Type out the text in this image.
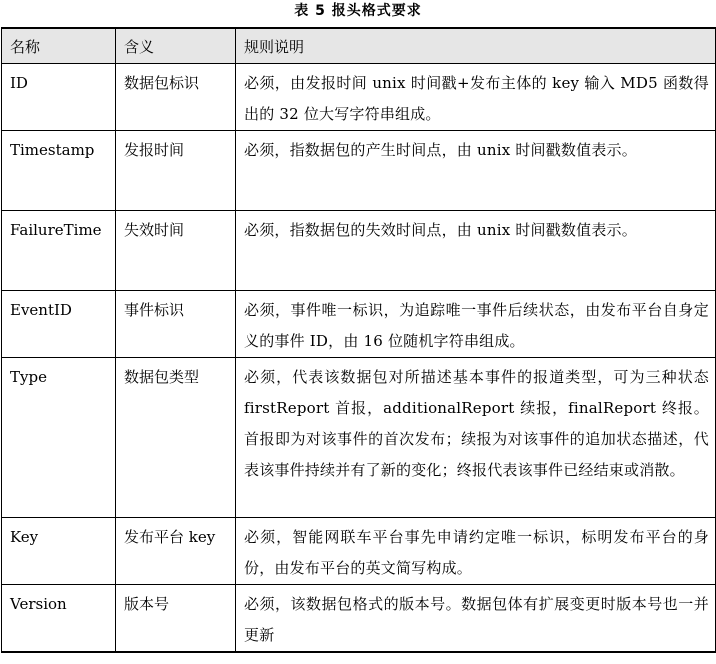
表 5 报头格式要求
名称	含义	规则说明
ID	数据包标识	必须，由发报时间 unix 时间戳+发布主体的 key 输入 MD5 函数得出的 32 位大写字符串组成。
Timestamp	发报时间	必须，指数据包的产生时间点，由 unix 时间戳数值表示。
FailureTime	失效时间	必须，指数据包的失效时间点，由 unix 时间戳数值表示。
EventID	事件标识	必须，事件唯一标识，为追踪唯一事件后续状态，由发布平台自身定义的事件 ID，由 16 位随机字符串组成。
Type	数据包类型	必须，代表该数据包对所描述基本事件的报道类型，可为三种状态 firstReport 首报，additionalReport 续报，finalReport 终报。首报即为对该事件的首次发布；续报为对该事件的追加状态描述，代表该事件持续并有了新的变化；终报代表该事件已经结束或消散。
Key	发布平台 key	必须，智能网联车平台事先申请约定唯一标识，标明发布平台的身份，由发布平台的英文简写构成。
Version	版本号	必须，该数据包格式的版本号。数据包体有扩展变更时版本号也一并更新
